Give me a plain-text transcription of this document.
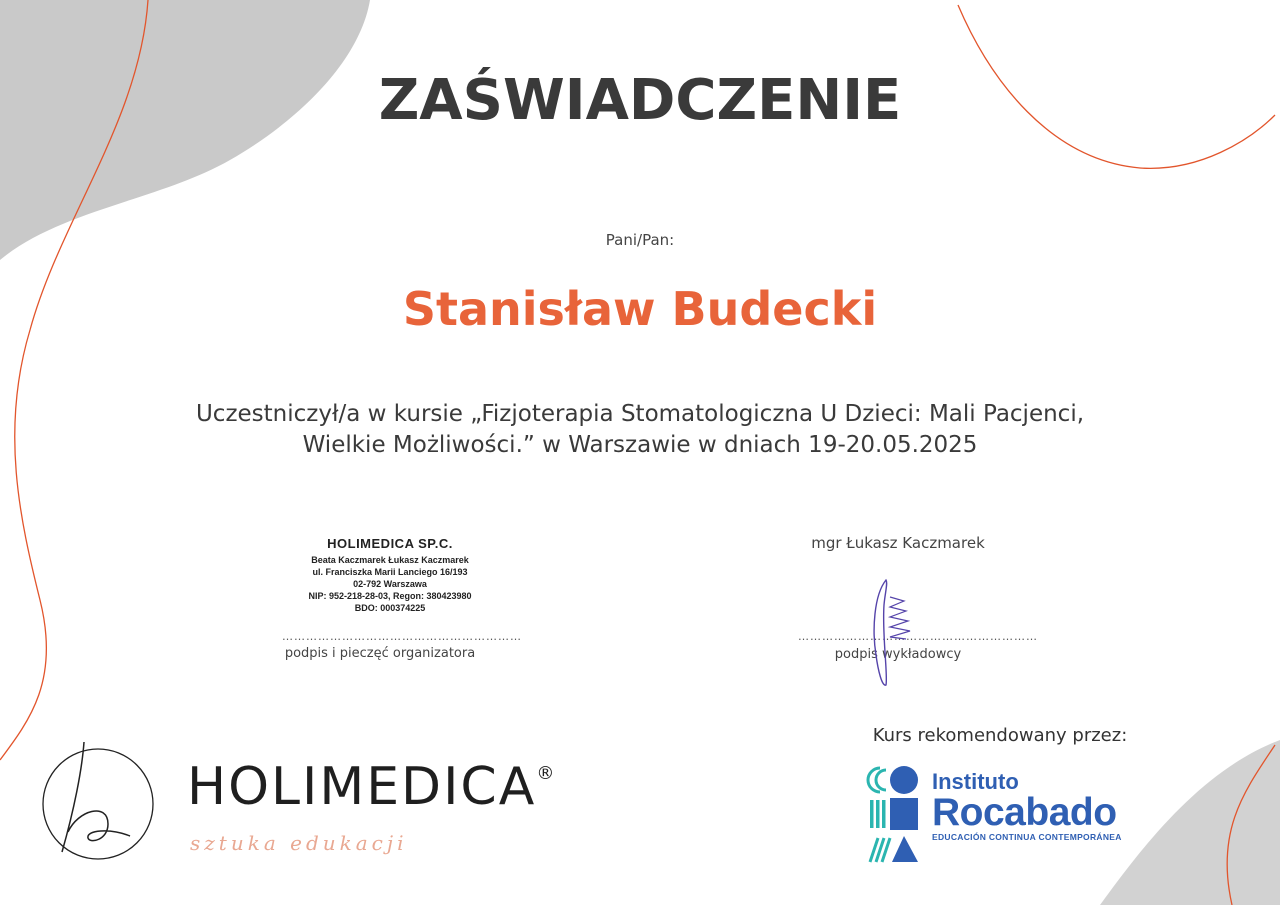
ZAŚWIADCZENIE
Pani/Pan:
Stanisław Budecki
Uczestniczył/a w kursie „Fizjoterapia Stomatologiczna U Dzieci: Mali Pacjenci,
Wielkie Możliwości.” w Warszawie w dniach 19-20.05.2025
HOLIMEDICA SP.C.
Beata Kaczmarek Łukasz Kaczmarek
ul. Franciszka Marii Lanciego 16/193
02-792 Warszawa
NIP: 952-218-28-03, Regon: 380423980
BDO: 000374225
……………………………………………………
podpis i pieczęć organizatora
mgr Łukasz Kaczmarek
……………………………………………………
podpis wykładowcy
Kurs rekomendowany przez:
HOLIMEDICA®
sztuka edukacji
Instituto
Rocabado
EDUCACIÓN CONTINUA CONTEMPORÁNEA
